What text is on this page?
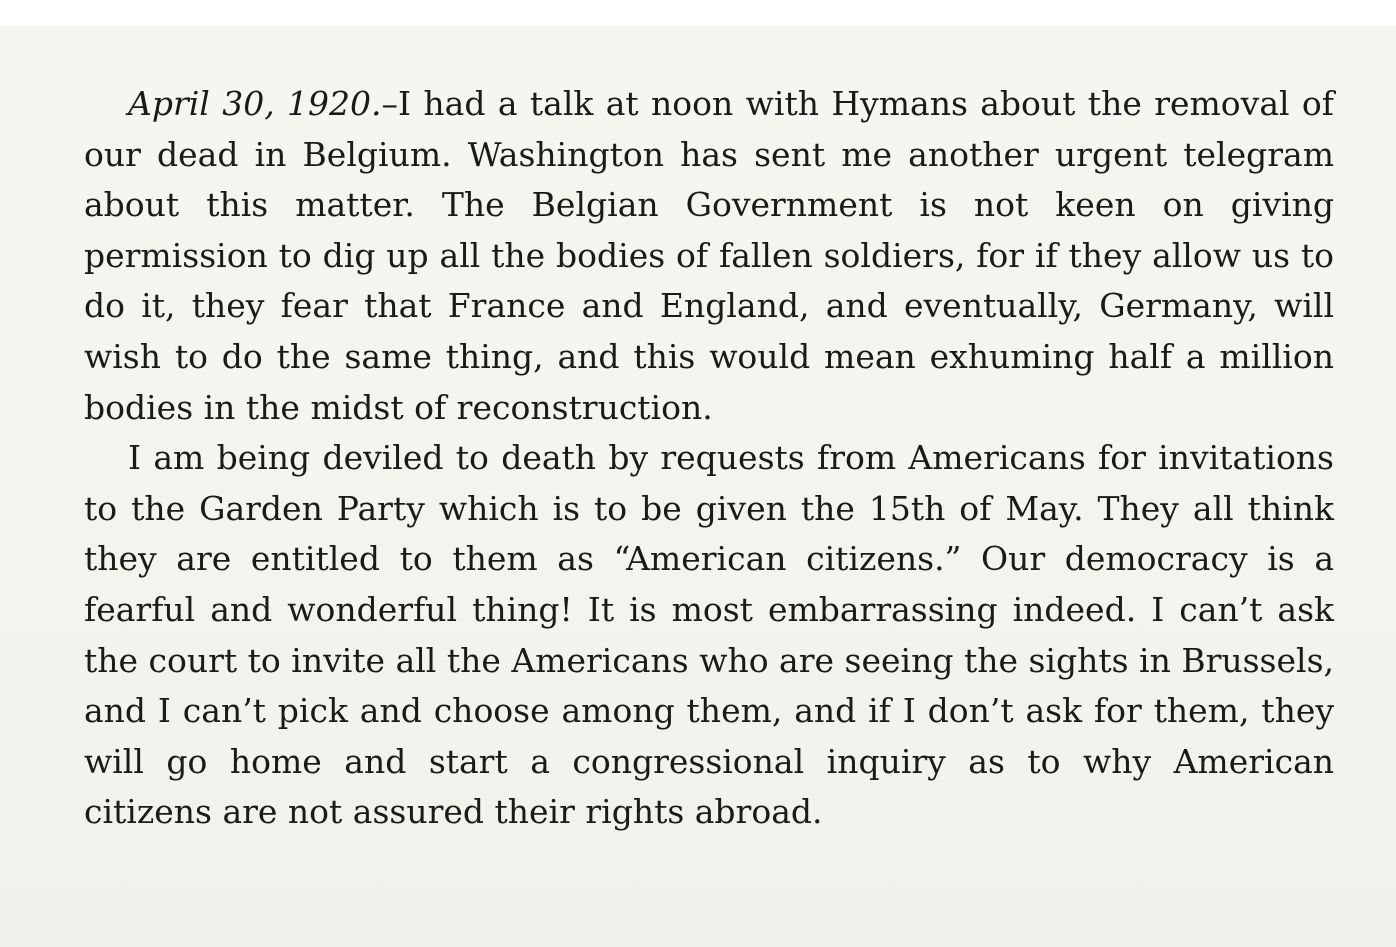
April 30, 1920.–I had a talk at noon with Hymans about the removal of our dead in Belgium. Washington has sent me another urgent telegram about this matter. The Belgian Government is not keen on giving permission to dig up all the bodies of fallen soldiers, for if they allow us to do it, they fear that France and England, and eventually, Germany, will wish to do the same thing, and this would mean exhuming half a million bodies in the midst of reconstruction.

I am being deviled to death by requests from Americans for invitations to the Garden Party which is to be given the 15th of May. They all think they are entitled to them as “American citizens.” Our democracy is a fearful and wonderful thing! It is most embarrassing indeed. I can’t ask the court to invite all the Americans who are seeing the sights in Brussels, and I can’t pick and choose among them, and if I don’t ask for them, they will go home and start a congressional inquiry as to why American citizens are not assured their rights abroad.
